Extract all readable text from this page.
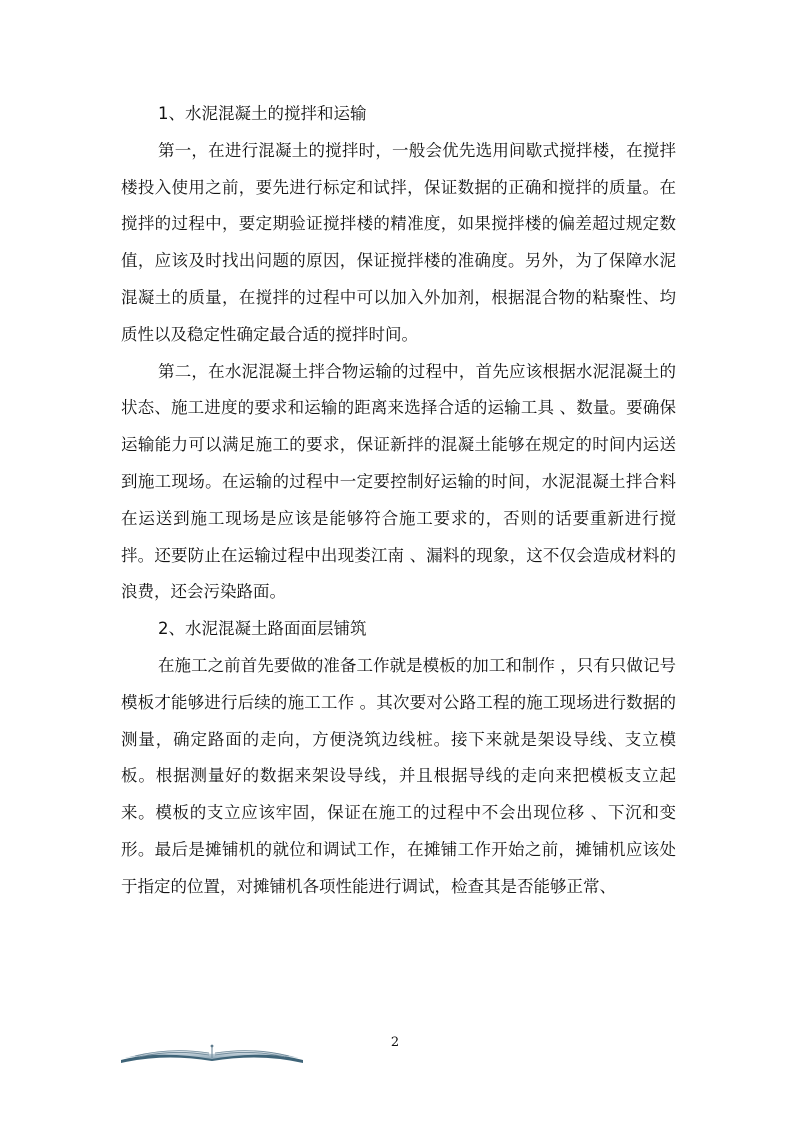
1、水泥混凝土的搅拌和运输

第一，在进行混凝土的搅拌时，一般会优先选用间歇式搅拌楼，在搅拌楼投入使用之前，要先进行标定和试拌，保证数据的正确和搅拌的质量。在搅拌的过程中，要定期验证搅拌楼的精准度，如果搅拌楼的偏差超过规定数值，应该及时找出问题的原因，保证搅拌楼的准确度。另外，为了保障水泥混凝土的质量，在搅拌的过程中可以加入外加剂，根据混合物的粘聚性、均质性以及稳定性确定最合适的搅拌时间。

第二，在水泥混凝土拌合物运输的过程中，首先应该根据水泥混凝土的状态、施工进度的要求和运输的距离来选择合适的运输工具 、数量。要确保运输能力可以满足施工的要求，保证新拌的混凝土能够在规定的时间内运送到施工现场。在运输的过程中一定要控制好运输的时间，水泥混凝土拌合料在运送到施工现场是应该是能够符合施工要求的，否则的话要重新进行搅拌。还要防止在运输过程中出现娄江南 、漏料的现象，这不仅会造成材料的浪费，还会污染路面。

2、水泥混凝土路面面层铺筑

在施工之前首先要做的准备工作就是模板的加工和制作 ，只有只做记号模板才能够进行后续的施工工作 。其次要对公路工程的施工现场进行数据的测量，确定路面的走向，方便浇筑边线桩。接下来就是架设导线、支立模板。根据测量好的数据来架设导线，并且根据导线的走向来把模板支立起来。模板的支立应该牢固，保证在施工的过程中不会出现位移 、下沉和变形。最后是摊铺机的就位和调试工作，在摊铺工作开始之前，摊铺机应该处于指定的位置，对摊铺机各项性能进行调试，检查其是否能够正常、

2
